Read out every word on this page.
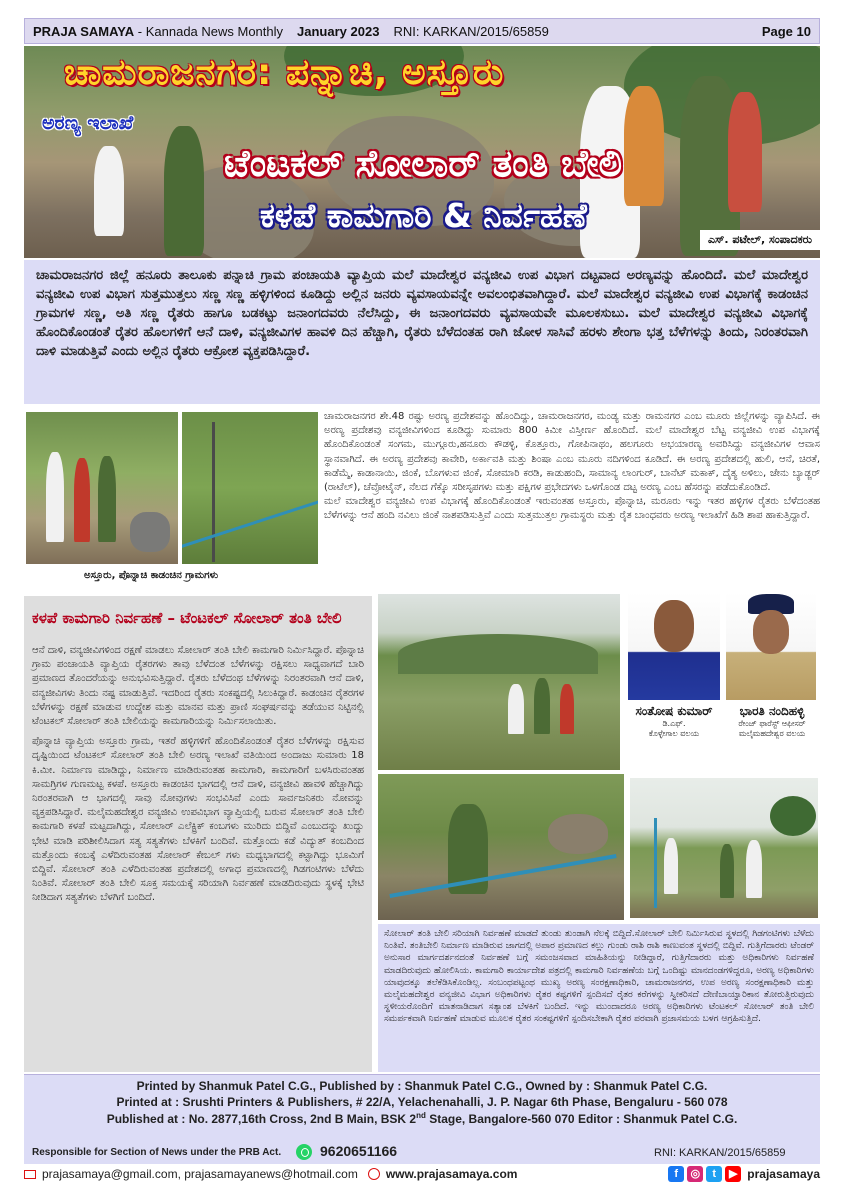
PRAJA SAMAYA
- Kannada News Monthly January 2023 RNI: KARKAN/2015/65859	Page 10
ಚಾಮರಾಜನಗರ: ಪನ್ನಾಚಿ, ಅಸ್ತೂರು
ಅರಣ್ಯ ಇಲಾಖೆ
ಟೆಂಟಕಲ್ ಸೋಲಾರ್ ತಂತಿ ಬೇಲಿ
ಕಳಪೆ ಕಾಮಗಾರಿ & ನಿರ್ವಹಣೆ
ಎಸ್. ಪಟೇಲ್, ಸಂಪಾದಕರು
ಚಾಮರಾಜನಗರ ಜಿಲ್ಲೆ ಹನೂರು ತಾಲೂಕು ಪನ್ನಾಚಿ ಗ್ರಾಮ ಪಂಚಾಯತಿ ವ್ಯಾಪ್ತಿಯ ಮಲೆ ಮಾದೇಶ್ವರ ವನ್ಯಜೀವಿ ಉಪ ವಿಭಾಗ ದಟ್ಟವಾದ ಅರಣ್ಯವನ್ನು ಹೊಂದಿದೆ. ಮಲೆ ಮಾದೇಶ್ವರ ವನ್ಯಜೀವಿ ಉಪ ವಿಭಾಗ ಸುತ್ತಮುತ್ತಲು ಸಣ್ಣ ಸಣ್ಣ ಹಳ್ಳಿಗಳಿಂದ ಕೂಡಿದ್ದು ಅಲ್ಲಿನ ಜನರು ವ್ಯವಸಾಯವನ್ನೇ ಅವಲಂಭಿತವಾಗಿದ್ದಾರೆ. ಮಲೆ ಮಾದೇಶ್ವರ ವನ್ಯಜೀವಿ ಉಪ ವಿಭಾಗಕ್ಕೆ ಕಾಡಂಚಿನ ಗ್ರಾಮಗಳ ಸಣ್ಣ, ಅತಿ ಸಣ್ಣ ರೈತರು ಹಾಗೂ ಬಡಕಟ್ಟು ಜನಾಂಗದವರು ನೆಲೆಸಿದ್ದು, ಈ ಜನಾಂಗದವರು ವ್ಯವಸಾಯವೇ ಮೂಲಕಸುಬು. ಮಲೆ ಮಾದೇಶ್ವರ ವನ್ಯಜೀವಿ ವಿಭಾಗಕ್ಕೆ ಹೊಂದಿಕೊಂಡಂತೆ ರೈತರ ಹೊಲಗಳಿಗೆ ಆನೆ ದಾಳಿ, ವನ್ಯಜೀವಿಗಳ ಹಾವಳಿ ದಿನ ಹೆಚ್ಚಾಗಿ, ರೈತರು ಬೆಳೆದಂತಹ ರಾಗಿ ಜೋಳ ಸಾಸಿವೆ ಹರಳು ಶೇಂಗಾ ಭತ್ತ ಬೆಳೆಗಳನ್ನು ತಿಂದು, ನಿರಂತರವಾಗಿ ದಾಳಿ ಮಾಡುತ್ತಿವೆ ಎಂದು ಅಲ್ಲಿನ ರೈತರು ಆಕ್ರೋಶ ವ್ಯಕ್ತಪಡಿಸಿದ್ದಾರೆ.
ಅಸ್ತೂರು, ಪೊನ್ನಾಚಿ ಕಾಡಂಚಿನ ಗ್ರಾಮಗಳು

ಚಾಮರಾಜನಗರ ಶೇ.48 ರಷ್ಟು ಅರಣ್ಯ ಪ್ರದೇಶವನ್ನು ಹೊಂದಿದ್ದು, ಚಾಮರಾಜನಗರ, ಮಂಡ್ಯ ಮತ್ತು ರಾಮನಗರ ಎಂಬ ಮೂರು ಜಿಲ್ಲೆಗಳನ್ನು ವ್ಯಾಪಿಸಿದೆ. ಈ ಅರಣ್ಯ ಪ್ರದೇಶವು ವನ್ಯಜೀವಿಗಳಿಂದ ಕೂಡಿದ್ದು ಸುಮಾರು 800 ಕಿಮೀ ವಿಸ್ತೀರ್ಣ ಹೊಂದಿದೆ. ಮಲೆ ಮಾದೇಶ್ವರ ಬೆಟ್ಟ ವನ್ಯಜೀವಿ ಉಪ ವಿಭಾಗಕ್ಕೆ ಹೊಂದಿಕೊಂಡಂತೆ ಸಂಗಮ, ಮುಗ್ಗೂರು,ಹನೂರು ಕೌಡಳ್ಳಿ, ಕೊತ್ತೂರು, ಗೋಪಿನಾಥಂ, ಹಲಗೂರು ಅಭಯಾರಣ್ಯ ಅವರಿಸಿದ್ದು ವನ್ಯಜೀವಿಗಳ ಆವಾಸ ಸ್ಥಾನವಾಗಿದೆ. ಈ ಅರಣ್ಯ ಪ್ರದೇಶವು ಕಾವೇರಿ, ಅರ್ಕಾವತಿ ಮತ್ತು ಶಿಂಷಾ ಎಂಬ ಮೂರು ನದಿಗಳಿಂದ ಕೂಡಿದೆ. ಈ ಅರಣ್ಯ ಪ್ರದೇಶದಲ್ಲಿ ಹುಲಿ, ಆನೆ, ಚಿರತೆ, ಕಾಡೆಮ್ಮೆ, ಕಾಡಾನಾಯಿ, ಜಿಂಕೆ, ಬೊಗಳುವ ಜಿಂಕೆ, ಸೋಮಾರಿ ಕರಡಿ, ಕಾಡುಹಂದಿ, ಸಾಮಾನ್ಯ ಲಾಂಗುರ್, ಬಾನೆಟ್ ಮಕಾಕ್, ದೈತ್ಯ ಅಳಿಲು, ಜೇನು ಬ್ಯಾಡ್ಜರ್ (ರಾಟೆಲ್), ಚೆವ್ರೋಟೈನ್, ನೆಲದ ಗೆಕ್ಕೊ ಸರೀಸೃಪಗಳು ಮತ್ತು ಪಕ್ಷಿಗಳ ಪ್ರಭೇದಗಳು ಒಳಗೊಂಡ ದಟ್ಟ ಅರಣ್ಯ ಎಂಬ ಹೆಸರನ್ನು ಪಡೆದುಕೊಂಡಿದೆ.

ಮಲೆ ಮಾದೇಶ್ವರ ವನ್ಯಜೀವಿ ಉಪ ವಿಭಾಗಕ್ಕೆ ಹೊಂದಿಕೊಂಡಂತೆ ಇರುವಂತಹ ಅಸ್ತೂರು, ಪೊನ್ನಾಚಿ, ಮರೂರು ಇನ್ನು ಇತರ ಹಳ್ಳಿಗಳ ರೈತರು ಬೆಳೆದಂತಹ ಬೆಳೆಗಳನ್ನು ಆನೆ ಹಂದಿ ನವಿಲು ಜಿಂಕೆ ನಾಶಪಡಿಸುತ್ತಿವೆ ಎಂದು ಸುತ್ತಮುತ್ತಲ ಗ್ರಾಮಸ್ಥರು ಮತ್ತು ರೈತ ಬಾಂಧವರು ಅರಣ್ಯ ಇಲಾಖೆಗೆ ಹಿಡಿ ಶಾಪ ಹಾಕುತ್ತಿದ್ದಾರೆ.

ಕಳಪೆ ಕಾಮಗಾರಿ ನಿರ್ವಹಣೆ – ಟೆಂಟಕಲ್ ಸೋಲಾರ್ ತಂತಿ ಬೇಲಿ

ಆನೆ ದಾಳಿ, ವನ್ಯಜೀವಿಗಳಿಂದ ರಕ್ಷಣೆ ಮಾಡಲು ಸೋಲಾರ್ ತಂತಿ ಬೇಲಿ ಕಾಮಗಾರಿ ನಿರ್ಮಿಸಿದ್ದಾರೆ. ಪೊನ್ನಾಚಿ ಗ್ರಾಮ ಪಂಚಾಯತಿ ವ್ಯಾಪ್ತಿಯ ರೈತರಗಳು ತಾವು ಬೆಳೆದಂತ ಬೆಳೆಗಳನ್ನು ರಕ್ಷಿಸಲು ಸಾಧ್ಯವಾಗದೆ ಬಾರಿ ಪ್ರಮಾಣದ ತೊಂದರೆಯನ್ನು ಅನುಭವಿಸುತ್ತಿದ್ದಾರೆ. ರೈತರು ಬೆಳೆದಂಥ ಬೆಳೆಗಳನ್ನು ನಿರಂತರವಾಗಿ ಆನೆ ದಾಳಿ, ವನ್ಯಜೀವಿಗಳು ತಿಂದು ನಷ್ಟ ಮಾಡುತ್ತಿವೆ. ಇದರಿಂದ ರೈತರು ಸಂಕಷ್ಟದಲ್ಲಿ ಸಿಲುಕಿದ್ದಾರೆ. ಕಾಡಂಚಿನ ರೈತರಗಳ ಬೆಳೆಗಳನ್ನು ರಕ್ಷಣೆ ಮಾಡುವ ಉದ್ದೇಶ ಮತ್ತು ಮಾನವ ಮತ್ತು ಪ್ರಾಣಿ ಸಂಘರ್ಷವನ್ನು ತಡೆಯುವ ನಿಟ್ಟಿನಲ್ಲಿ ಟೆಂಟಕಲ್ ಸೋಲಾರ್ ತಂತಿ ಬೇಲಿಯನ್ನು ಕಾಮಗಾರಿಯನ್ನು ನಿರ್ಮಿಸಲಾಯಿತು.

ಪೊನ್ನಾಚಿ ವ್ಯಾಪ್ತಿಯ ಅಸ್ತೂರು ಗ್ರಾಮ, ಇತರೆ ಹಳ್ಳಿಗಳಿಗೆ ಹೊಂದಿಕೊಂಡಂತೆ ರೈತರ ಬೆಳೆಗಳನ್ನು ರಕ್ಷಿಸುವ ದೃಷ್ಟಿಯಿಂದ ಟೆಂಟಕಲ್ ಸೋಲಾರ್ ತಂತಿ ಬೇಲಿ ಅರಣ್ಯ ಇಲಾಖೆ ವತಿಯಿಂದ ಅಂದಾಜು ಸುಮಾರು 18 ಕಿ.ಮೀ. ನಿರ್ಮಾಣ ಮಾಡಿದ್ದು, ನಿರ್ಮಾಣ ಮಾಡಿರುವಂತಹ ಕಾಮಗಾರಿ, ಕಾಮಗಾರಿಗೆ ಬಳಸಿರುವಂತಹ ಸಾಮಗ್ರಿಗಳ ಗುಣಮಟ್ಟ ಕಳಪೆ. ಅಸ್ತೂರು ಕಾಡಂಚಿನ ಭಾಗದಲ್ಲಿ ಆನೆ ದಾಳಿ, ವನ್ಯಜೀವಿ ಹಾವಳಿ ಹೆಚ್ಚಾಗಿದ್ದು ನಿರಂತರವಾಗಿ ಆ ಭಾಗದಲ್ಲಿ ಸಾವು ನೋವುಗಳು ಸಂಭವಿಸಿವೆ ಎಂದು ಸಾರ್ವಜನಿಕರು ನೋವನ್ನು ವ್ಯಕ್ತಪಡಿಸಿದ್ದಾರೆ. ಮಲೈಮಹದೇಶ್ವರ ವನ್ಯಜೀವಿ ಉಪವಿಭಾಗ ವ್ಯಾಪ್ತಿಯಲ್ಲಿ ಬರುವ ಸೋಲಾರ್ ತಂತಿ ಬೇಲಿ ಕಾಮಗಾರಿ ಕಳಪೆ ಮಟ್ಟದಾಗಿದ್ದು, ಸೋಲಾರ್ ಎಲೆಕ್ಟ್ರಿಕ್ ಕಂಬಗಳು ಮುರಿದು ಬಿದ್ದಿವೆ ಎಂಬುದನ್ನು ಖುದ್ದು ಭೇಟಿ ಮಾಡಿ ಪರಿಶೀಲಿಸಿದಾಗ ಸತ್ಯ ಸತ್ಯತೆಗಳು ಬೆಳಕಿಗೆ ಬಂದಿವೆ. ಮತ್ತೊಂದು ಕಡೆ ವಿದ್ಯುತ್ ಕಂಬದಿಂದ ಮತ್ತೊಂದು ಕಂಬಕ್ಕೆ ಎಳೆದಿರುವಂತಹ ಸೋಲಾರ್ ಕೇಬಲ್ ಗಳು ಮಧ್ಯಭಾಗದಲ್ಲಿ ಕಟ್ಟಾಗಿದ್ದು ಭೂಮಿಗೆ ಬಿದ್ದಿವೆ. ಸೋಲಾರ್ ತಂತಿ ಎಳೆದಿರುವಂತಹ ಪ್ರದೇಶದಲ್ಲಿ ಅಗಾಧ ಪ್ರಮಾಣದಲ್ಲಿ ಗಿಡಗಂಟಿಗಳು ಬೆಳೆದು ನಿಂತಿವೆ. ಸೋಲಾರ್ ತಂತಿ ಬೇಲಿ ಸೂಕ್ತ ಸಮಯಕ್ಕೆ ಸರಿಯಾಗಿ ನಿರ್ವಹಣೆ ಮಾಡದಿರುವುದು ಸ್ಥಳಕ್ಕೆ ಭೇಟಿ ನೀಡಿದಾಗ ಸತ್ಯತೆಗಳು ಬೆಳಗಿಗೆ ಬಂದಿದೆ.

ಸಂತೋಷ ಕುಮಾರ್
ಡಿ.ಎಫ್.
ಕೊಳ್ಳೇಗಾಲ ವಲಯ
ಭಾರತಿ ನಂದಿಹಳ್ಳಿ
ರೇಂಜ್ ಫಾರೆಸ್ಟ್ ಆಫೀಸರ್
ಮಲೈಮಹದೇಶ್ವರ ವಲಯ
ಸೋಲಾರ್ ತಂತಿ ಬೇಲಿ ಸರಿಯಾಗಿ ನಿರ್ವಹಣೆ ಮಾಡದೆ ತುಂಡು ತುಂಡಾಗಿ ನೆಲಕ್ಕೆ ಬಿದ್ದಿದೆ.ಸೋಲಾರ್ ಬೇಲಿ ನಿರ್ಮಿಸಿರುವ ಸ್ಥಳದಲ್ಲಿ ಗಿಡಗಂಟಿಗಳು ಬೆಳೆದು ನಿಂತಿವೆ. ತಂತಿಬೇಲಿ ನಿರ್ಮಾಣ ಮಾಡಿರುವ ಜಾಗದಲ್ಲಿ ಅಪಾರ ಪ್ರಮಾಣದ ಕಲ್ಲು ಗುಂಡು ರಾಶಿ ರಾಶಿ ಕಾಣುವಂತ ಸ್ಥಳದಲ್ಲಿ ಬಿದ್ದಿವೆ. ಗುತ್ತಿಗೆದಾರರು ಟೆಂಡರ್ ಅನುಸಾರ ಮಾರ್ಗದರ್ಶನದಂತೆ ನಿರ್ವಹಣೆ ಬಗ್ಗೆ ಸಮಂಜಸವಾದ ಮಾಹಿತಿಯನ್ನು ನೀಡಿದ್ದಾರೆ, ಗುತ್ತಿಗೆದಾರರು ಮತ್ತು ಅಧಿಕಾರಿಗಳು ನಿರ್ವಹಣೆ ಮಾಡದಿರುವುದು ಹೋಲಿಸಿಯ. ಕಾಮಗಾರಿ ಕಾರ್ಯಾದೇಶ ಪತ್ರದಲ್ಲಿ ಕಾಮಗಾರಿ ನಿರ್ವಹಣೆಯ ಬಗ್ಗೆ ಒಂದಿಷ್ಟು ಮಾನದಂಡಗಳಿದ್ದರೂ, ಅರಣ್ಯ ಅಧಿಕಾರಿಗಳು ಯಾವುದಕ್ಕೂ ತಲೆಕೆಡಿಸಿಕೊಂಡಿಲ್ಲ. ಸಂಬಂಧಪಟ್ಟಂಥ ಮುಖ್ಯ ಅರಣ್ಯ ಸಂರಕ್ಷಣಾಧಿಕಾರಿ, ಚಾಮರಾಜನಗರ, ಉಪ ಅರಣ್ಯ ಸಂರಕ್ಷಣಾಧಿಕಾರಿ ಮತ್ತು ಮಲೈಮಹದೇಶ್ವರ ವನ್ಯಜೀವಿ ವಿಭಾಗ ಅಧಿಕಾರಿಗಳು ರೈತರ ಕಷ್ಟಗಳಿಗೆ ಸ್ಪಂದಿಸದೆ ರೈತರ ಕರೆಗಳನ್ನು ಸ್ವೀಕರಿಸದೆ ದೇಣಿಬಾಯ್ವಾರಿಕಾನ ತೋರುತ್ತಿರುವುದು ಸ್ಥಳೀಯರೊಂದಿಗೆ ಮಾತನಾಡಿದಾಗ ಸತ್ಯಾಂಶ ಬೆಳಕಿಗೆ ಬಂದಿದೆ. ಇನ್ನು ಮುಂದಾದರೂ ಅರಣ್ಯ ಅಧಿಕಾರಿಗಳು ಟೆಂಟಕಲ್ ಸೋಲಾರ್ ತಂತಿ ಬೇಲಿ ಸಮರ್ಪಕವಾಗಿ ನಿರ್ವಹಣೆ ಮಾಡುವ ಮೂಲಕ ರೈತರ ಸಂಕಷ್ಟಗಳಿಗೆ ಸ್ಪಂದಿಸಬೇಕಾಗಿ ರೈತರ ಪರವಾಗಿ ಪ್ರಜಾಸಮಯ ಬಳಗ ಆಗ್ರಹಿಸುತ್ತಿದೆ.
Printed by Shanmuk Patel C.G., Published by : Shanmuk Patel C.G., Owned by : Shanmuk Patel C.G.
Printed at : Srushti Printers & Publishers, # 22/A, Yelachenahalli, J. P. Nagar 6th Phase, Bengaluru - 560 078
Published at : No. 2877,16th Cross, 2nd B Main, BSK 2nd Stage, Bangalore-560 070 Editor : Shanmuk Patel C.G.
Responsible for Section of News under the PRB Act.	9620651166	RNI: KARKAN/2015/65859
prajasamaya@gmail.com, prajasamayanews@hotmail.com www.prajasamaya.com	f	◎	t	▶ prajasamaya
